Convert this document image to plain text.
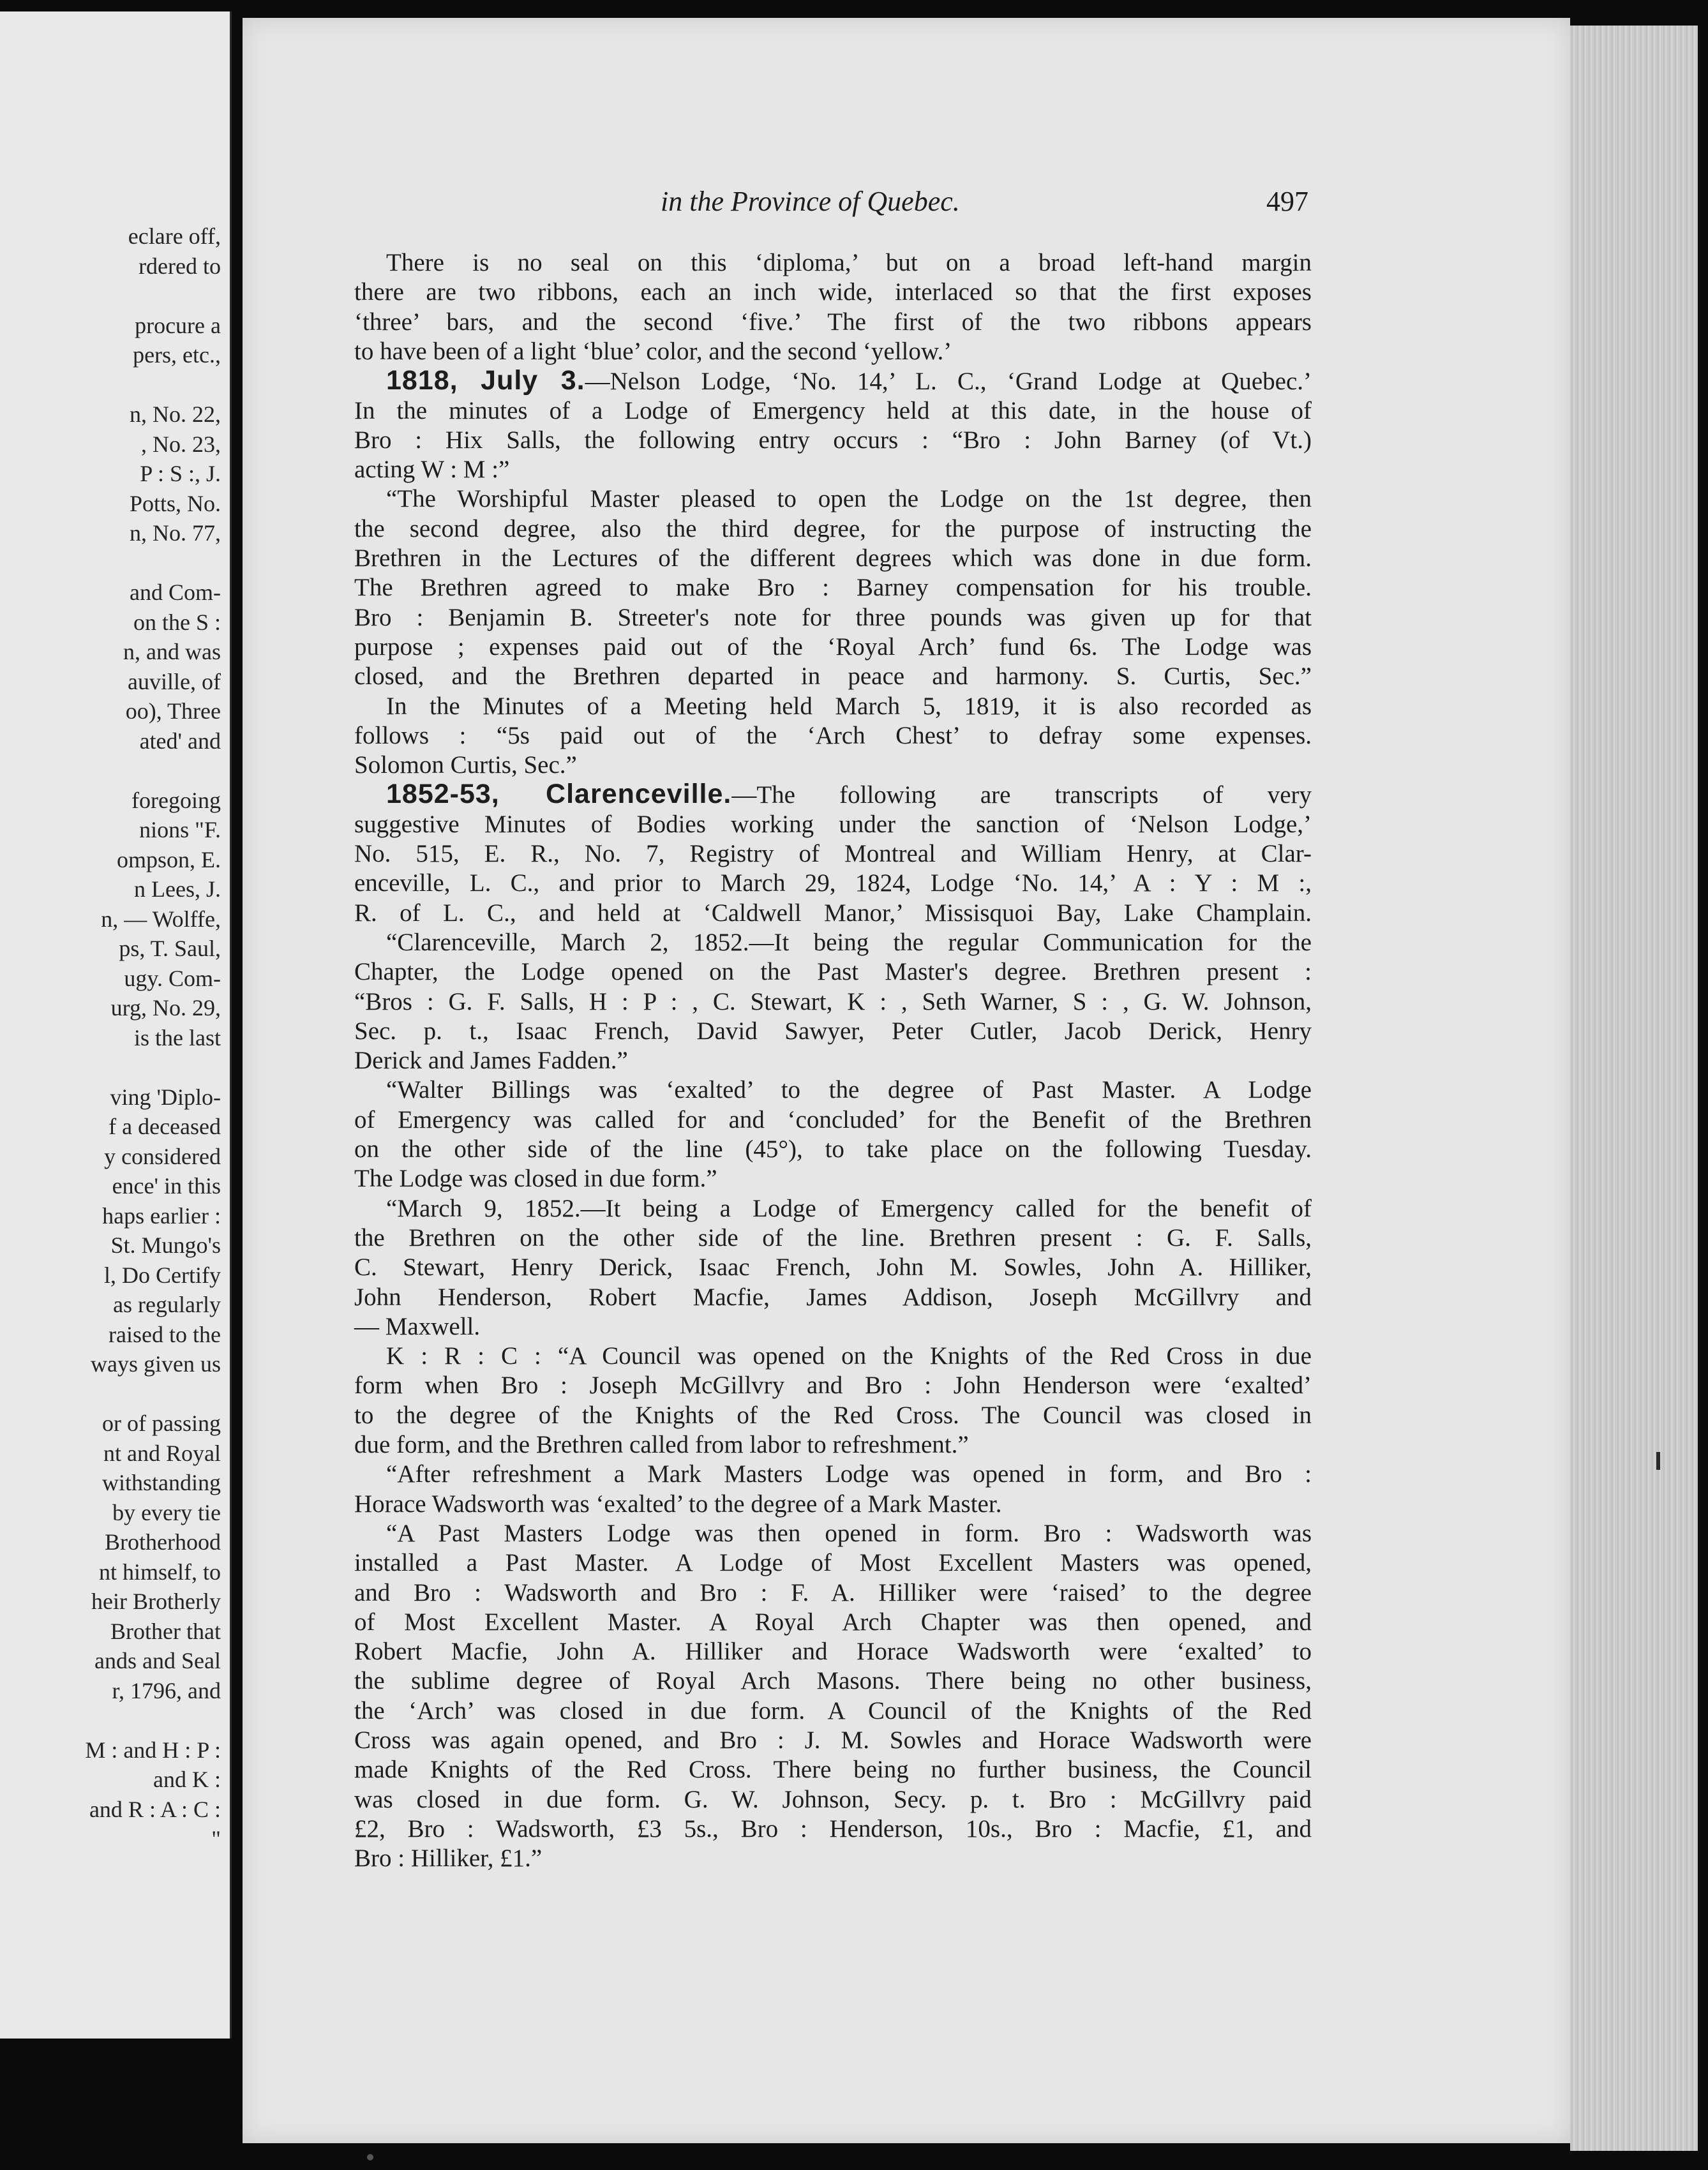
eclare off,
rdered to
procure a
pers, etc.,
n, No. 22,
, No. 23,
P : S :, J.
Potts, No.
n, No. 77,
and Com-
on the S :
n, and was
auville, of
oo), Three
ated' and
foregoing
nions "F.
ompson, E.
n Lees, J.
n, — Wolffe,
ps, T. Saul,
ugy. Com-
urg, No. 29,
is the last
ving 'Diplo-
f a deceased
y considered
ence' in this
haps earlier :
St. Mungo's
l, Do Certify
as regularly
raised to the
ways given us
or of passing
nt and Royal
withstanding
by every tie
Brotherhood
nt himself, to
heir Brotherly
Brother that
ands and Seal
r, 1796, and
M : and H : P :
and K :
and R : A : C :
"
in the Province of Quebec.	497
There is no seal on this ‘diploma,’ but on a broad left-hand margin
there are two ribbons, each an inch wide, interlaced so that the first exposes
‘three’ bars, and the second ‘five.’ The first of the two ribbons appears
to have been of a light ‘blue’ color, and the second ‘yellow.’
1818, July 3.—Nelson Lodge, ‘No. 14,’ L. C., ‘Grand Lodge at Quebec.’
In the minutes of a Lodge of Emergency held at this date, in the house of
Bro : Hix Salls, the following entry occurs : “Bro : John Barney (of Vt.)
acting W : M :”
“The Worshipful Master pleased to open the Lodge on the 1st degree, then
the second degree, also the third degree, for the purpose of instructing the
Brethren in the Lectures of the different degrees which was done in due form.
The Brethren agreed to make Bro : Barney compensation for his trouble.
Bro : Benjamin B. Streeter's note for three pounds was given up for that
purpose ; expenses paid out of the ‘Royal Arch’ fund 6s. The Lodge was
closed, and the Brethren departed in peace and harmony. S. Curtis, Sec.”
In the Minutes of a Meeting held March 5, 1819, it is also recorded as
follows : “5s paid out of the ‘Arch Chest’ to defray some expenses.
Solomon Curtis, Sec.”
1852-53, Clarenceville.—The following are transcripts of very
suggestive Minutes of Bodies working under the sanction of ‘Nelson Lodge,’
No. 515, E. R., No. 7, Registry of Montreal and William Henry, at Clar-
enceville, L. C., and prior to March 29, 1824, Lodge ‘No. 14,’ A : Y : M :,
R. of L. C., and held at ‘Caldwell Manor,’ Missisquoi Bay, Lake Champlain.
“Clarenceville, March 2, 1852.—It being the regular Communication for the
Chapter, the Lodge opened on the Past Master's degree. Brethren present :
“Bros : G. F. Salls, H : P : , C. Stewart, K : , Seth Warner, S : , G. W. Johnson,
Sec. p. t., Isaac French, David Sawyer, Peter Cutler, Jacob Derick, Henry
Derick and James Fadden.”
“Walter Billings was ‘exalted’ to the degree of Past Master. A Lodge
of Emergency was called for and ‘concluded’ for the Benefit of the Brethren
on the other side of the line (45°), to take place on the following Tuesday.
The Lodge was closed in due form.”
“March 9, 1852.—It being a Lodge of Emergency called for the benefit of
the Brethren on the other side of the line. Brethren present : G. F. Salls,
C. Stewart, Henry Derick, Isaac French, John M. Sowles, John A. Hilliker,
John Henderson, Robert Macfie, James Addison, Joseph McGillvry and
— Maxwell.
K : R : C : “A Council was opened on the Knights of the Red Cross in due
form when Bro : Joseph McGillvry and Bro : John Henderson were ‘exalted’
to the degree of the Knights of the Red Cross. The Council was closed in
due form, and the Brethren called from labor to refreshment.”
“After refreshment a Mark Masters Lodge was opened in form, and Bro :
Horace Wadsworth was ‘exalted’ to the degree of a Mark Master.
“A Past Masters Lodge was then opened in form. Bro : Wadsworth was
installed a Past Master. A Lodge of Most Excellent Masters was opened,
and Bro : Wadsworth and Bro : F. A. Hilliker were ‘raised’ to the degree
of Most Excellent Master. A Royal Arch Chapter was then opened, and
Robert Macfie, John A. Hilliker and Horace Wadsworth were ‘exalted’ to
the sublime degree of Royal Arch Masons. There being no other business,
the ‘Arch’ was closed in due form. A Council of the Knights of the Red
Cross was again opened, and Bro : J. M. Sowles and Horace Wadsworth were
made Knights of the Red Cross. There being no further business, the Council
was closed in due form. G. W. Johnson, Secy. p. t. Bro : McGillvry paid
£2, Bro : Wadsworth, £3 5s., Bro : Henderson, 10s., Bro : Macfie, £1, and
Bro : Hilliker, £1.”
